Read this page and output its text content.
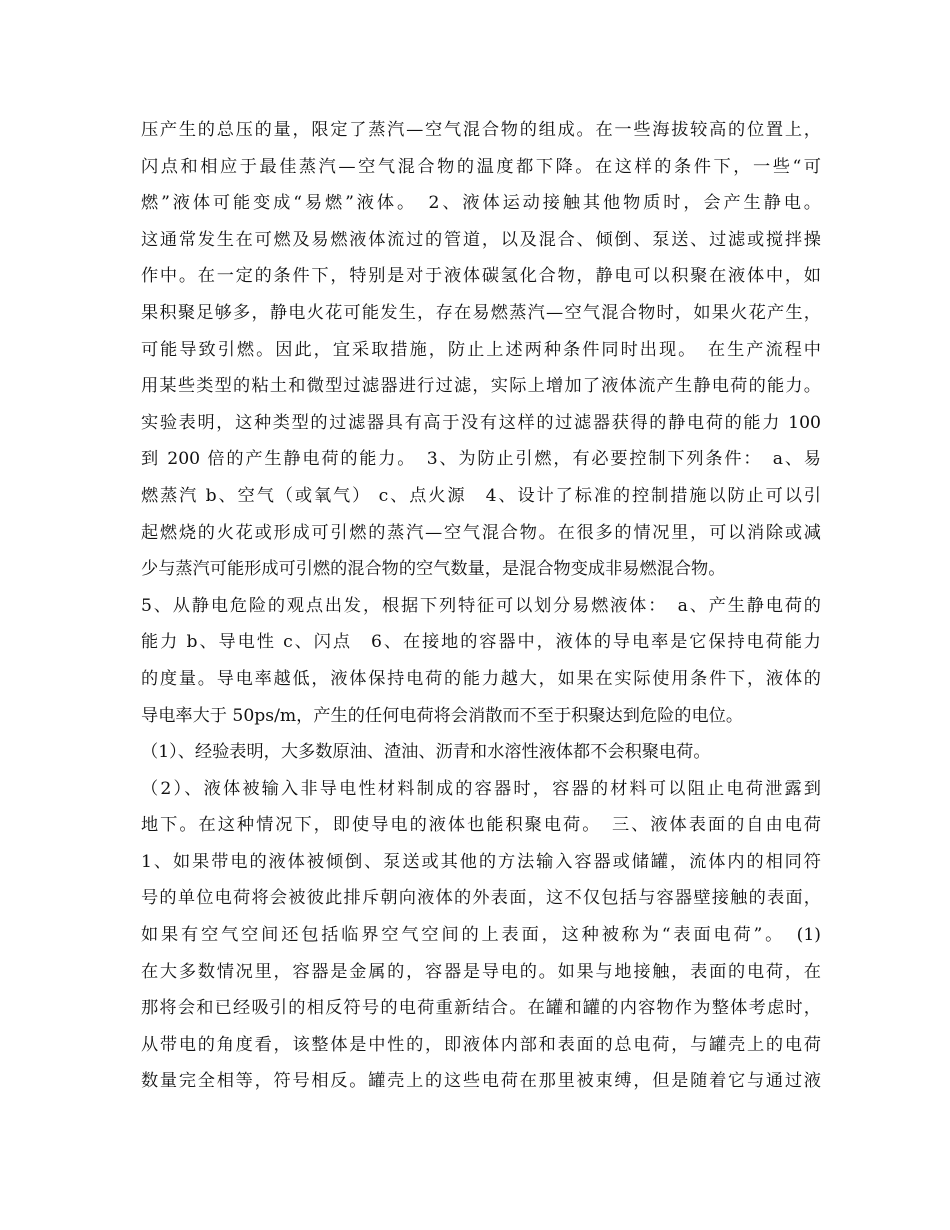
压产生的总压的量，限定了蒸汽—空气混合物的组成。在一些海拔较高的位置上，
闪点和相应于最佳蒸汽—空气混合物的温度都下降。在这样的条件下，一些“可
燃”液体可能变成“易燃”液体。　2、液体运动接触其他物质时，会产生静电。
这通常发生在可燃及易燃液体流过的管道，以及混合、倾倒、泵送、过滤或搅拌操
作中。在一定的条件下，特别是对于液体碳氢化合物，静电可以积聚在液体中，如
果积聚足够多，静电火花可能发生，存在易燃蒸汽—空气混合物时，如果火花产生，
可能导致引燃。因此，宜采取措施，防止上述两种条件同时出现。　在生产流程中
用某些类型的粘土和微型过滤器进行过滤，实际上增加了液体流产生静电荷的能力。
实验表明，这种类型的过滤器具有高于没有这样的过滤器获得的静电荷的能力 100
到 200 倍的产生静电荷的能力。　3、为防止引燃，有必要控制下列条件：　a、易
燃蒸汽 b、空气（或氧气） c、点火源　4、设计了标准的控制措施以防止可以引
起燃烧的火花或形成可引燃的蒸汽—空气混合物。在很多的情况里，可以消除或减
少与蒸汽可能形成可引燃的混合物的空气数量，是混合物变成非易燃混合物。
5、从静电危险的观点出发，根据下列特征可以划分易燃液体：　a、产生静电荷的
能力 b、导电性 c、闪点　6、在接地的容器中，液体的导电率是它保持电荷能力
的度量。导电率越低，液体保持电荷的能力越大，如果在实际使用条件下，液体的
导电率大于 50ps/m，产生的任何电荷将会消散而不至于积聚达到危险的电位。
（1）、经验表明，大多数原油、渣油、沥青和水溶性液体都不会积聚电荷。
（2）、液体被输入非导电性材料制成的容器时，容器的材料可以阻止电荷泄露到
地下。在这种情况下，即使导电的液体也能积聚电荷。　三、液体表面的自由电荷
1、如果带电的液体被倾倒、泵送或其他的方法输入容器或储罐，流体内的相同符
号的单位电荷将会被彼此排斥朝向液体的外表面，这不仅包括与容器壁接触的表面，
如果有空气空间还包括临界空气空间的上表面，这种被称为“表面电荷”。　(1)
在大多数情况里，容器是金属的，容器是导电的。如果与地接触，表面的电荷，在
那将会和已经吸引的相反符号的电荷重新结合。在罐和罐的内容物作为整体考虑时，
从带电的角度看，该整体是中性的，即液体内部和表面的总电荷，与罐壳上的电荷
数量完全相等，符号相反。罐壳上的这些电荷在那里被束缚，但是随着它与通过液
